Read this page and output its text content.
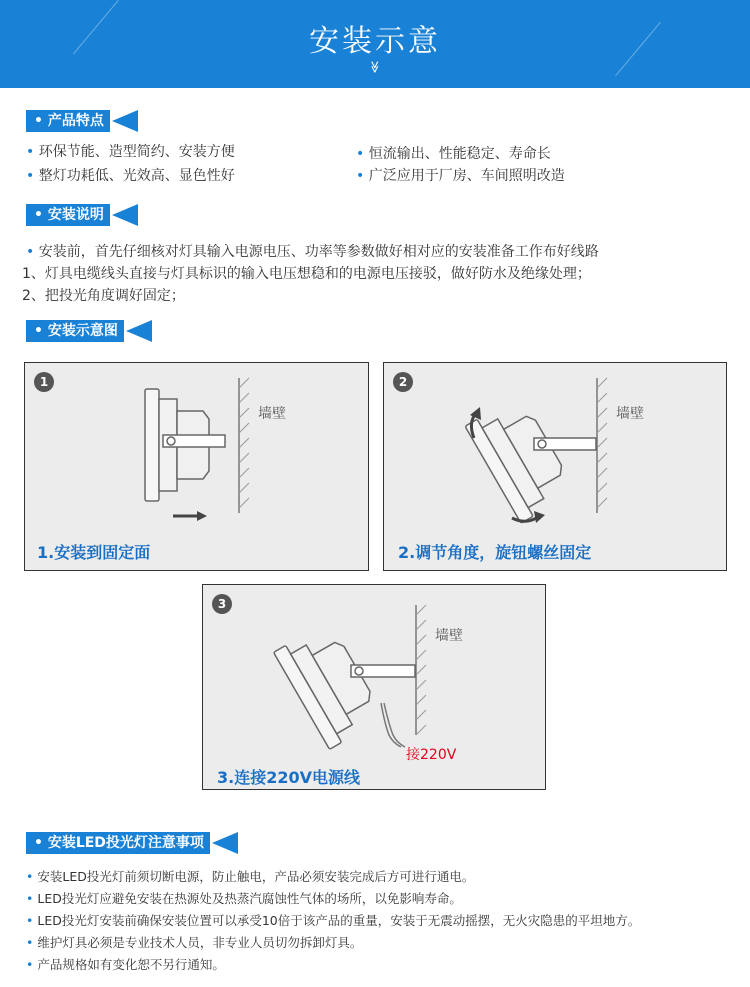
安装示意
≫
• 产品特点
• 环保节能、造型简约、安装方便	• 恒流输出、性能稳定、寿命长
• 整灯功耗低、光效高、显色性好	• 广泛应用于厂房、车间照明改造
• 安装说明
• 安装前，首先仔细核对灯具输入电源电压、功率等参数做好相对应的安装准备工作布好线路
1、灯具电缆线头直接与灯具标识的输入电压想稳和的电源电压接驳，做好防水及绝缘处理；
2、把投光角度调好固定；
• 安装示意图
1
墙壁
1.安装到固定面
2
墙壁
2.调节角度，旋钮螺丝固定
3
墙壁
接220V
3.连接220V电源线
• 安装LED投光灯注意事项
• 安装LED投光灯前须切断电源，防止触电，产品必须安装完成后方可进行通电。
• LED投光灯应避免安装在热源处及热蒸汽腐蚀性气体的场所，以免影响寿命。
• LED投光灯安装前确保安装位置可以承受10倍于该产品的重量，安装于无震动摇摆，无火灾隐患的平坦地方。
• 维护灯具必须是专业技术人员，非专业人员切勿拆卸灯具。
• 产品规格如有变化恕不另行通知。
